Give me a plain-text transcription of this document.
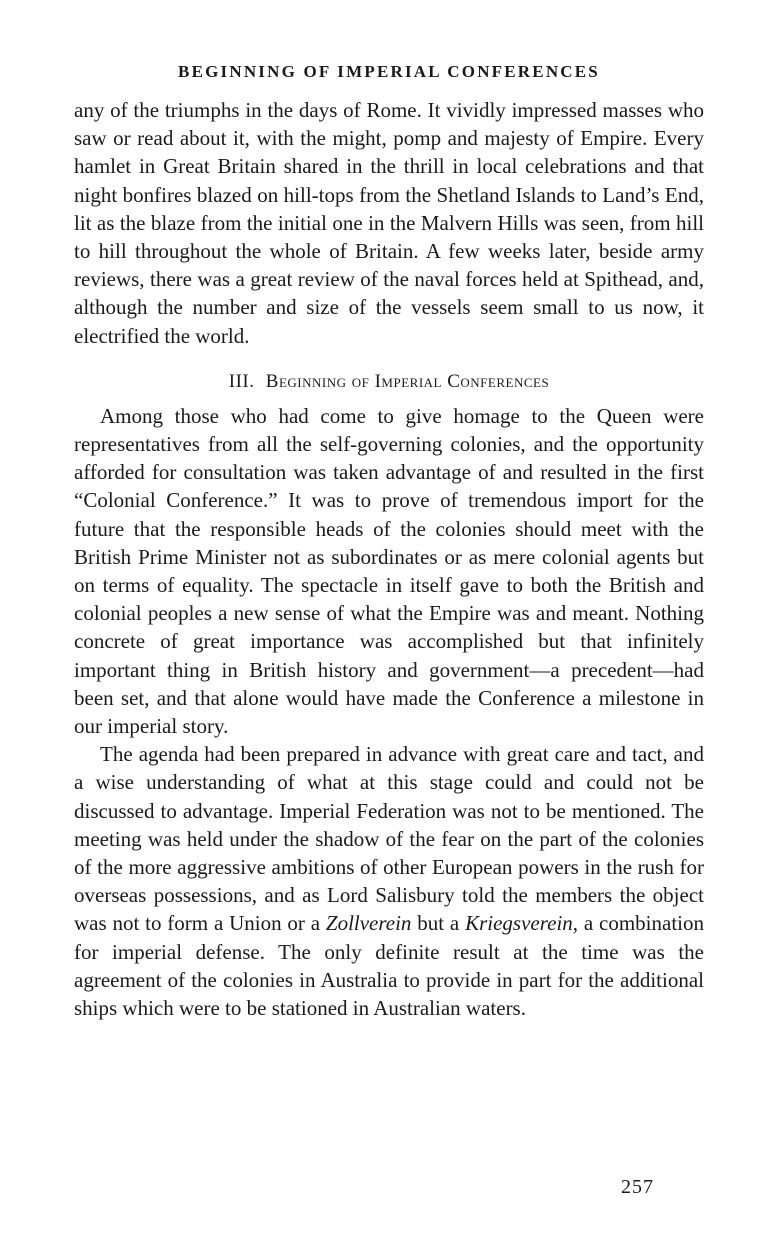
BEGINNING OF IMPERIAL CONFERENCES

any of the triumphs in the days of Rome. It vividly impressed masses who saw or read about it, with the might, pomp and majesty of Empire. Every hamlet in Great Britain shared in the thrill in local celebrations and that night bonfires blazed on hill-tops from the Shetland Islands to Land’s End, lit as the blaze from the initial one in the Malvern Hills was seen, from hill to hill throughout the whole of Britain. A few weeks later, beside army reviews, there was a great review of the naval forces held at Spithead, and, although the number and size of the vessels seem small to us now, it electrified the world.

III. Beginning of Imperial Conferences

Among those who had come to give homage to the Queen were representatives from all the self-governing colonies, and the opportunity afforded for consultation was taken advantage of and resulted in the first “Colonial Conference.” It was to prove of tremendous import for the future that the responsible heads of the colonies should meet with the British Prime Minister not as subordinates or as mere colonial agents but on terms of equality. The spectacle in itself gave to both the British and colonial peoples a new sense of what the Empire was and meant. Nothing concrete of great importance was accomplished but that infinitely important thing in British history and government—a precedent—had been set, and that alone would have made the Conference a milestone in our imperial story.

The agenda had been prepared in advance with great care and tact, and a wise understanding of what at this stage could and could not be discussed to advantage. Imperial Federation was not to be mentioned. The meeting was held under the shadow of the fear on the part of the colonies of the more aggressive ambitions of other European powers in the rush for overseas possessions, and as Lord Salisbury told the members the object was not to form a Union or a Zollverein but a Kriegsverein, a combination for imperial defense. The only definite result at the time was the agreement of the colonies in Australia to provide in part for the additional ships which were to be stationed in Australian waters.

257
